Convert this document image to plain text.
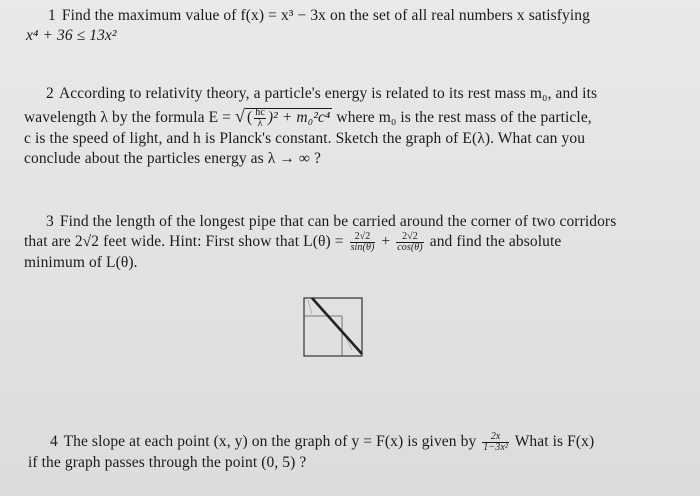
1 Find the maximum value of f(x) = x³ − 3x on the set of all real numbers x satisfying
x⁴ + 36 ≤ 13x²
2 According to relativity theory, a particle's energy is related to its rest mass m₀, and its
wavelength λ by the formula E = √ ( $\frac{hc}{\lambda} )^2 + m_0^2c^4$ where m₀ is the rest mass of the particle,
c is the speed of light, and h is Planck's constant. Sketch the graph of E(λ). What can you
conclude about the particles energy as λ → ∞ ?
3 Find the length of the longest pipe that can be carried around the corner of two corridors
that are 2√2 feet wide. Hint: First show that $L(\theta) = \frac{2√2}{\sin(\theta)} + \frac{2√2}{\cos(\theta)}$ and find the absolute
minimum of L(θ).
4 The slope at each point (x, y) on the graph of y = F(x) is given by $\frac{2x}{\text{1−3x²}}$ What is F(x)
if the graph passes through the point (0, 5) ?
